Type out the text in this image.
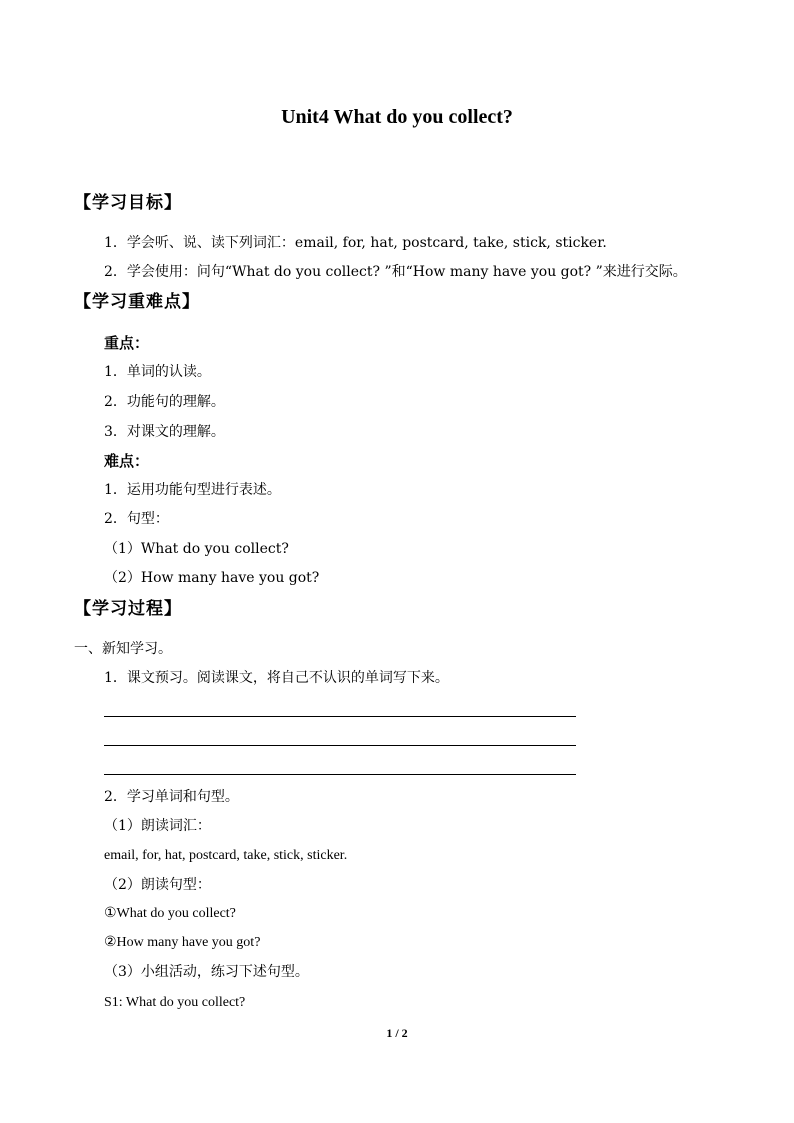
Unit4 What do you collect?
【学习目标】
1．学会听、说、读下列词汇：email, for, hat, postcard, take, stick, sticker.
2．学会使用：问句“What do you collect? ”和“How many have you got? ”来进行交际。
【学习重难点】
重点：
1．单词的认读。
2．功能句的理解。
3．对课文的理解。
难点：
1．运用功能句型进行表述。
2．句型：
（1）What do you collect?
（2）How many have you got?
【学习过程】
一、新知学习。
1．课文预习。阅读课文，将自己不认识的单词写下来。
2．学习单词和句型。
（1）朗读词汇：
email, for, hat, postcard, take, stick, sticker.
（2）朗读句型：
①What do you collect?
②How many have you got?
（3）小组活动，练习下述句型。
S1: What do you collect?
1 / 2
